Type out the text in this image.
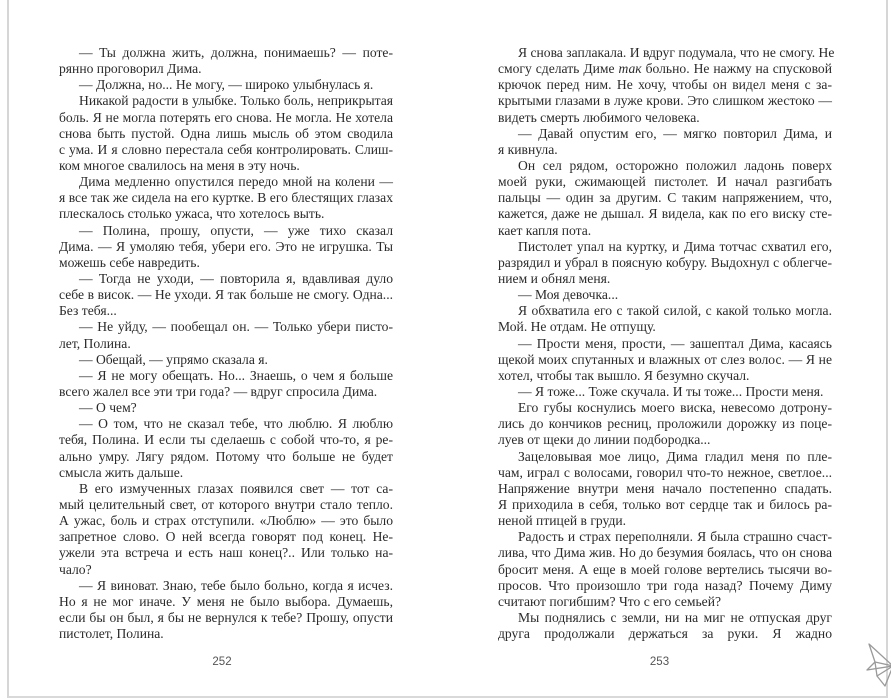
— Ты должна жить, должна, понимаешь? — поте-
рянно проговорил Дима.
— Должна, но... Не могу, — широко улыбнулась я.
Никакой радости в улыбке. Только боль, неприкрытая
боль. Я не могла потерять его снова. Не могла. Не хотела
снова быть пустой. Одна лишь мысль об этом сводила
с ума. И я словно перестала себя контролировать. Слиш-
ком многое свалилось на меня в эту ночь.
Дима медленно опустился передо мной на колени —
я все так же сидела на его куртке. В его блестящих глазах
плескалось столько ужаса, что хотелось выть.
— Полина, прошу, опусти, — уже тихо сказал
Дима. — Я умоляю тебя, убери его. Это не игрушка. Ты
можешь себе навредить.
— Тогда не уходи, — повторила я, вдавливая дуло
себе в висок. — Не уходи. Я так больше не смогу. Одна...
Без тебя...
— Не уйду, — пообещал он. — Только убери писто-
лет, Полина.
— Обещай, — упрямо сказала я.
— Я не могу обещать. Но... Знаешь, о чем я больше
всего жалел все эти три года? — вдруг спросила Дима.
— О чем?
— О том, что не сказал тебе, что люблю. Я люблю
тебя, Полина. И если ты сделаешь с собой что-то, я ре-
ально умру. Лягу рядом. Потому что больше не будет
смысла жить дальше.
В его измученных глазах появился свет — тот са-
мый целительный свет, от которого внутри стало тепло.
А ужас, боль и страх отступили. «Люблю» — это было
запретное слово. О ней всегда говорят под конец. Не-
ужели эта встреча и есть наш конец?.. Или только на-
чало?
— Я виноват. Знаю, тебе было больно, когда я исчез.
Но я не мог иначе. У меня не было выбора. Думаешь,
если бы он был, я бы не вернулся к тебе? Прошу, опусти
пистолет, Полина.
252
Я снова заплакала. И вдруг подумала, что не смогу. Не
смогу сделать Диме так больно. Не нажму на спусковой
крючок перед ним. Не хочу, чтобы он видел меня с за-
крытыми глазами в луже крови. Это слишком жестоко —
видеть смерть любимого человека.
— Давай опустим его, — мягко повторил Дима, и
я кивнула.
Он сел рядом, осторожно положил ладонь поверх
моей руки, сжимающей пистолет. И начал разгибать
пальцы — один за другим. С таким напряжением, что,
кажется, даже не дышал. Я видела, как по его виску сте-
кает капля пота.
Пистолет упал на куртку, и Дима тотчас схватил его,
разрядил и убрал в поясную кобуру. Выдохнул с облегче-
нием и обнял меня.
— Моя девочка...
Я обхватила его с такой силой, с какой только могла.
Мой. Не отдам. Не отпущу.
— Прости меня, прости, — зашептал Дима, касаясь
щекой моих спутанных и влажных от слез волос. — Я не
хотел, чтобы так вышло. Я безумно скучал.
— Я тоже... Тоже скучала. И ты тоже... Прости меня.
Его губы коснулись моего виска, невесомо дотрону-
лись до кончиков ресниц, проложили дорожку из поце-
луев от щеки до линии подбородка...
Зацеловывая мое лицо, Дима гладил меня по пле-
чам, играл с волосами, говорил что-то нежное, светлое...
Напряжение внутри меня начало постепенно спадать.
Я приходила в себя, только вот сердце так и билось ра-
неной птицей в груди.
Радость и страх переполняли. Я была страшно счаст-
лива, что Дима жив. Но до безумия боялась, что он снова
бросит меня. А еще в моей голове вертелись тысячи во-
просов. Что произошло три года назад? Почему Диму
считают погибшим? Что с его семьей?
Мы поднялись с земли, ни на миг не отпуская друг
друга продолжали держаться за руки. Я жадно
253
